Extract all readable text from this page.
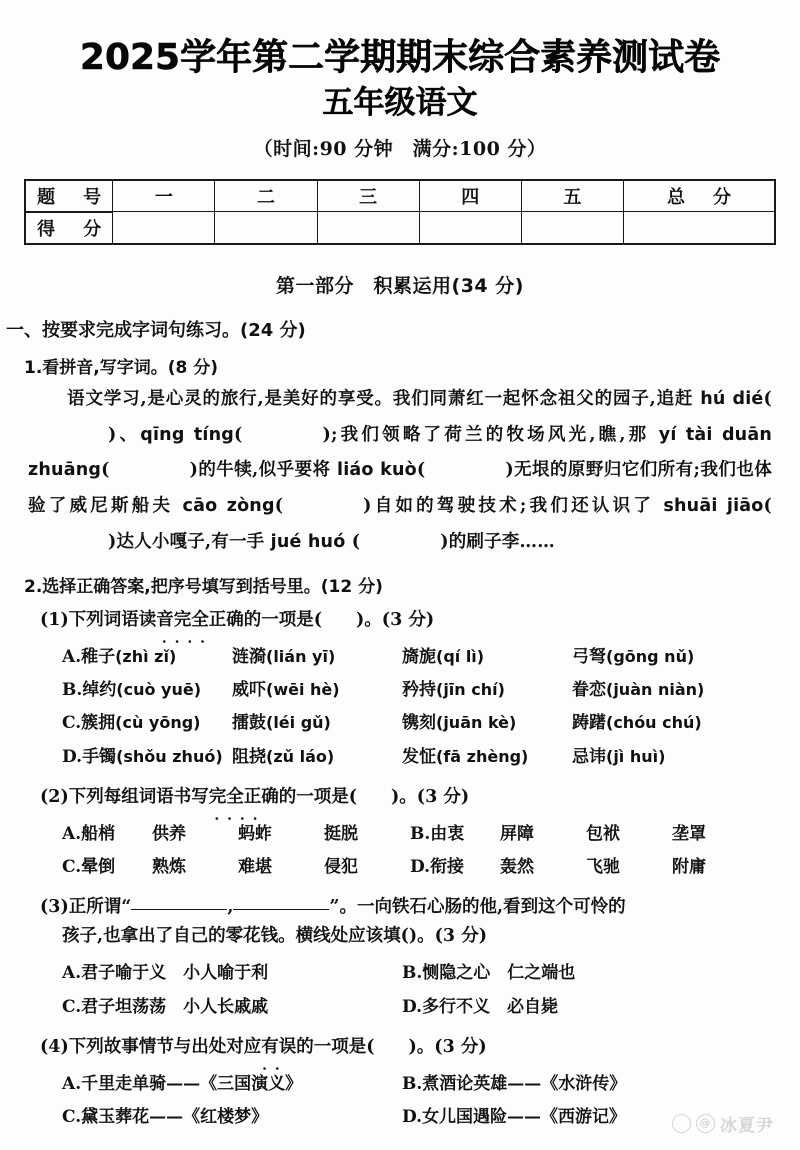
2025学年第二学期期末综合素养测试卷
五年级语文
（时间:90 分钟　满分:100 分）
题　号	一	二	三	四	五	总　分
得　分						
第一部分　积累运用(34 分)
一、按要求完成字词句练习。(24 分)
1.看拼音,写字词。(8 分)
语文学习,是心灵的旅行,是美好的享受。我们同萧红一起怀念祖父的园子,追赶 hú dié()、qīng tíng(	);我们领略了荷兰的牧场风光,瞧,那 yí tài duān zhuāng(	)的牛犊,似乎要将 liáo kuò(	)无垠的原野归它们所有;我们也体验了威尼斯船夫 cāo zòng(	)自如的驾驶技术;我们还认识了 shuāi jiāo()达人小嘎子,有一手 jué huó (	)的刷子李……
2.选择正确答案,把序号填写到括号里。(12 分)
(1)下列词语读音完全正确
．．．．
的一项是( )。(3 分)
A.稚子(zhì zǐ)	涟漪(lián yī)	旖旎(qí lì)	弓弩(gōng nǔ)
B.绰约(cuò yuē)	威吓(wēi hè)	矜持(jīn chí)	眷恋(juàn niàn)
C.簇拥(cù yōng)	擂鼓(léi gǔ)	镌刻(juān kè)	踌躇(chóu chú)
D.手镯(shǒu zhuó) 阻挠(zǔ láo)	发怔(fā zhèng)	忌讳(jì huì)
(2)下列每组词语书写完全正确
．．．．
的一项是( )。(3 分)
A.船梢	供养	蚂蚱	挺脱	B.由衷	屏障	包袱	垄罩
C.晕倒	熟炼	难堪	侵犯	D.衔接	轰然	飞驰	附庸
(3)正所谓“	,	”。一向铁石心肠的他,看到这个可怜的
孩子,也拿出了自己的零花钱。横线处应该填()。(3 分)
A.君子喻于义　小人喻于利	B.恻隐之心　仁之端也
C.君子坦荡荡　小人长戚戚	D.多行不义　必自毙
(4)下列故事情节与出处对应有误
．．
的一项是( )。(3 分)
A.千里走单骑——《三国演义》	B.煮酒论英雄——《水浒传》
C.黛玉葬花——《红楼梦》	D.女儿国遇险——《西游记》	@ 冰夏尹
